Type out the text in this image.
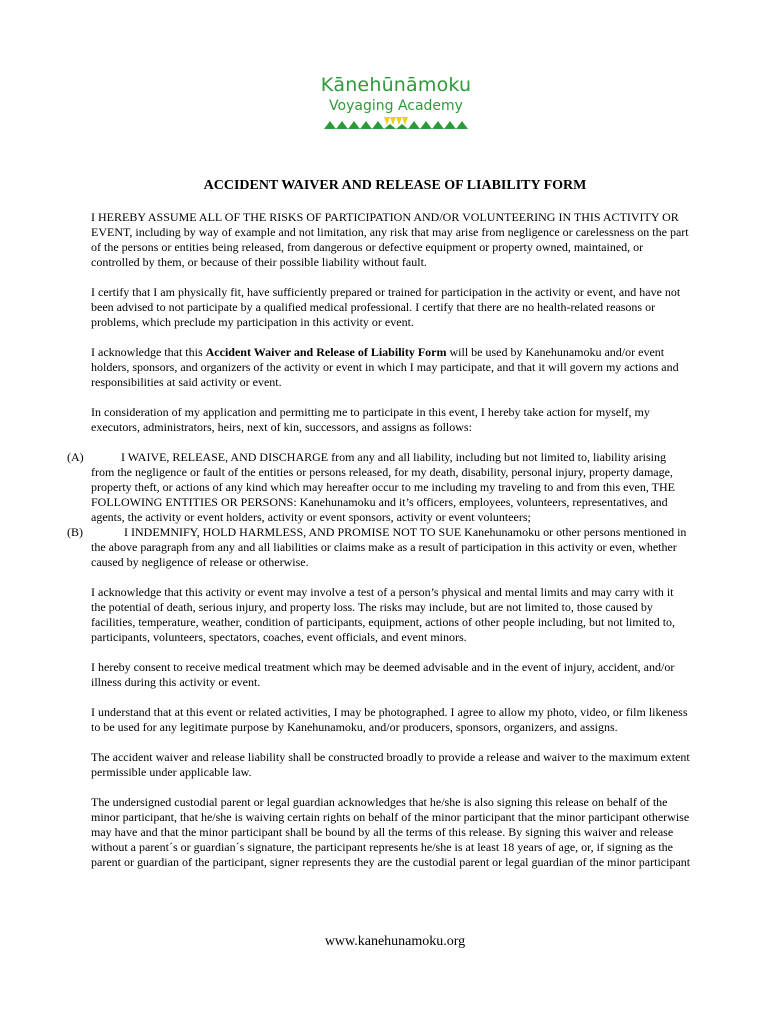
Kānehūnāmoku
Voyaging Academy
ACCIDENT WAIVER AND RELEASE OF LIABILITY FORM

I HEREBY ASSUME ALL OF THE RISKS OF PARTICIPATION AND/OR VOLUNTEERING IN THIS ACTIVITY OR EVENT, including by way of example and not limitation, any risk that may arise from negligence or carelessness on the part of the persons or entities being released, from dangerous or defective equipment or property owned, maintained, or controlled by them, or because of their possible liability without fault.

I certify that I am physically fit, have sufficiently prepared or trained for participation in the activity or event, and have not been advised to not participate by a qualified medical professional. I certify that there are no health-related reasons or problems, which preclude my participation in this activity or event.

I acknowledge that this Accident Waiver and Release of Liability Form will be used by Kanehunamoku and/or event holders, sponsors, and organizers of the activity or event in which I may participate, and that it will govern my actions and responsibilities at said activity or event.

In consideration of my application and permitting me to participate in this event, I hereby take action for myself, my executors, administrators, heirs, next of kin, successors, and assigns as follows:

(A)	I WAIVE, RELEASE, AND DISCHARGE from any and all liability, including but not limited to, liability arising from the negligence or fault of the entities or persons released, for my death, disability, personal injury, property damage, property theft, or actions of any kind which may hereafter occur to me including my traveling to and from this even, THE FOLLOWING ENTITIES OR PERSONS: Kanehunamoku and it’s officers, employees, volunteers, representatives, and agents, the activity or event holders, activity or event sponsors, activity or event volunteers;

(B)	I INDEMNIFY, HOLD HARMLESS, AND PROMISE NOT TO SUE Kanehunamoku or other persons mentioned in the above paragraph from any and all liabilities or claims make as a result of participation in this activity or even, whether caused by negligence of release or otherwise.

I acknowledge that this activity or event may involve a test of a person’s physical and mental limits and may carry with it the potential of death, serious injury, and property loss. The risks may include, but are not limited to, those caused by facilities, temperature, weather, condition of participants, equipment, actions of other people including, but not limited to, participants, volunteers, spectators, coaches, event officials, and event minors.

I hereby consent to receive medical treatment which may be deemed advisable and in the event of injury, accident, and/or illness during this activity or event.

I understand that at this event or related activities, I may be photographed. I agree to allow my photo, video, or film likeness to be used for any legitimate purpose by Kanehunamoku, and/or producers, sponsors, organizers, and assigns.

The accident waiver and release liability shall be constructed broadly to provide a release and waiver to the maximum extent permissible under applicable law.

The undersigned custodial parent or legal guardian acknowledges that he/she is also signing this release on behalf of the minor participant, that he/she is waiving certain rights on behalf of the minor participant that the minor participant otherwise may have and that the minor participant shall be bound by all the terms of this release. By signing this waiver and release without a parent´s or guardian´s signature, the participant represents he/she is at least 18 years of age, or, if signing as the parent or guardian of the participant, signer represents they are the custodial parent or legal guardian of the minor participant

www.kanehunamoku.org
